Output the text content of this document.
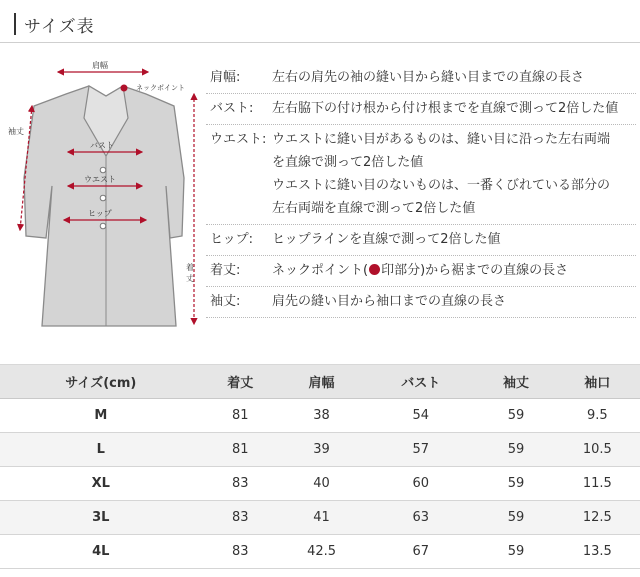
サイズ表
肩幅
ネックポイント
袖丈
バスト
ウエスト
ヒップ
着
丈
肩幅:	左右の肩先の袖の縫い目から縫い目までの直線の長さ
バスト:	左右脇下の付け根から付け根までを直線で測って2倍した値
ウエスト: ウエストに縫い目があるものは、縫い目に沿った左右両端
を直線で測って2倍した値
ウエストに縫い目のないものは、一番くびれている部分の
左右両端を直線で測って2倍した値
ヒップ:	ヒップラインを直線で測って2倍した値
着丈:	ネックポイント( 印部分)から裾までの直線の長さ
袖丈:	肩先の縫い目から袖口までの直線の長さ
サイズ(cm)	着丈	肩幅	バスト	袖丈	袖口
M	81	38	54	59	9.5
L	81	39	57	59	10.5
XL	83	40	60	59	11.5
3L	83	41	63	59	12.5
4L	83	42.5	67	59	13.5
